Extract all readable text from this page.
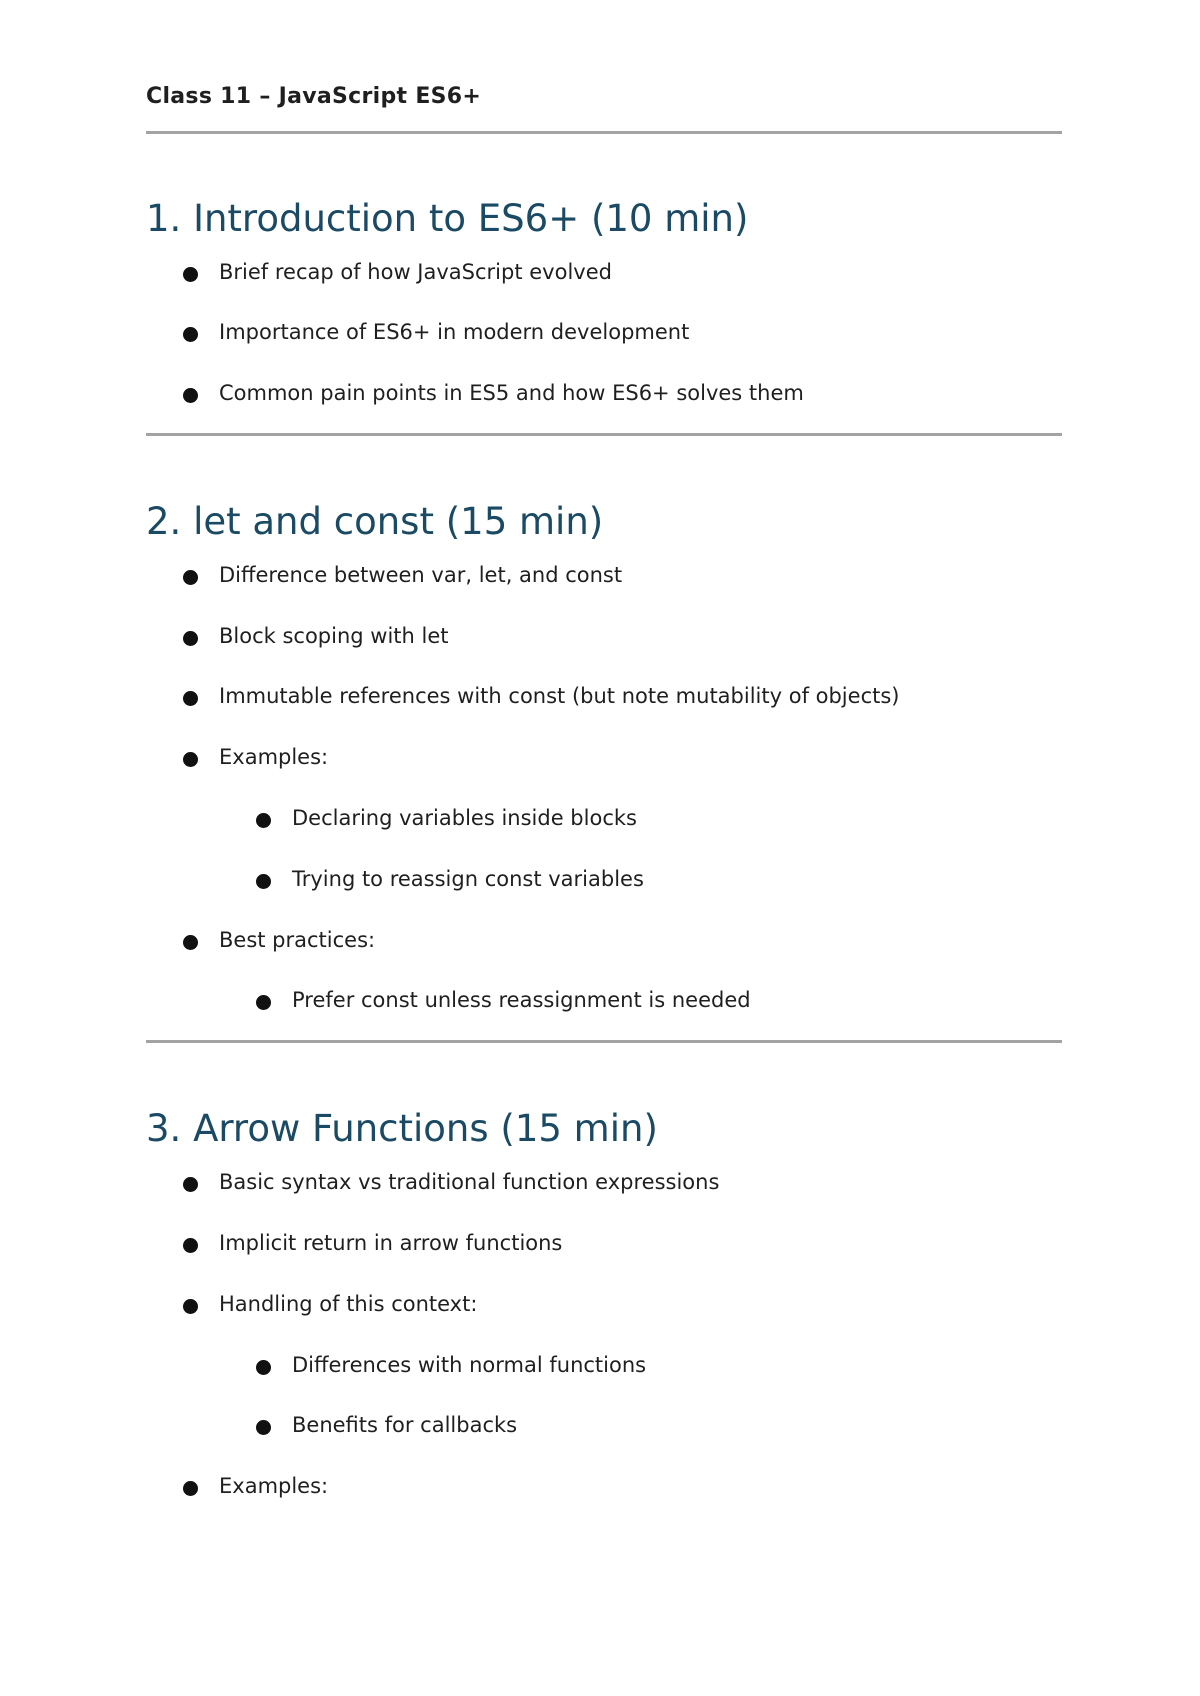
Class 11 – JavaScript ES6+
1. Introduction to ES6+ (10 min)
Brief recap of how JavaScript evolved
Importance of ES6+ in modern development
Common pain points in ES5 and how ES6+ solves them
2. let and const (15 min)
Difference between var, let, and const
Block scoping with let
Immutable references with const (but note mutability of objects)
Examples:
Declaring variables inside blocks
Trying to reassign const variables
Best practices:
Prefer const unless reassignment is needed
3. Arrow Functions (15 min)
Basic syntax vs traditional function expressions
Implicit return in arrow functions
Handling of this context:
Differences with normal functions
Benefits for callbacks
Examples:
